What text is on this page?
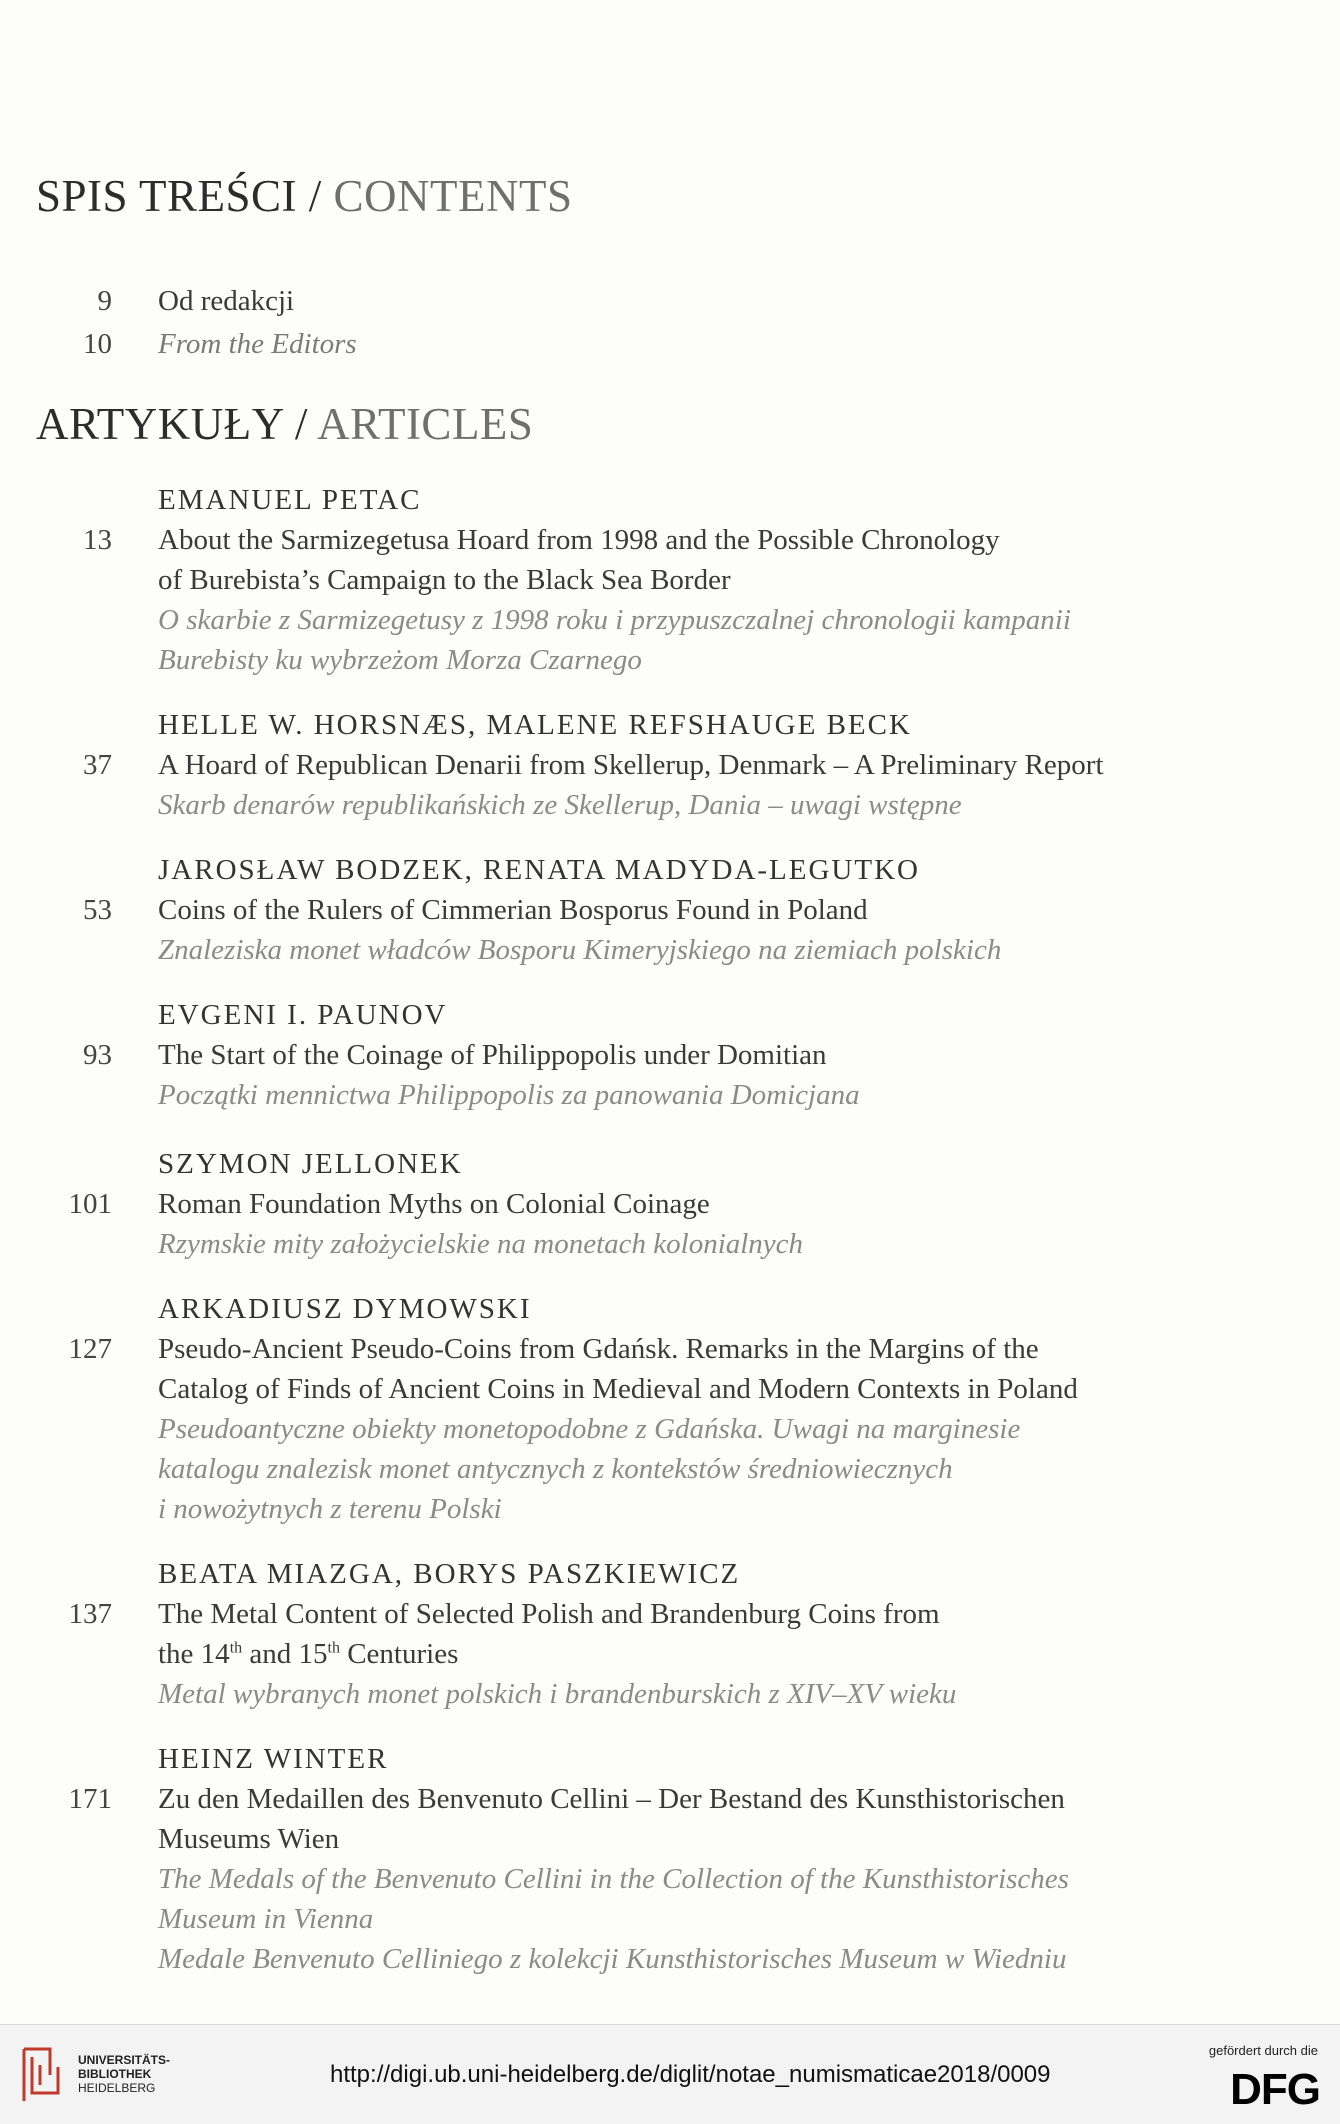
SPIS TREŚCI / CONTENTS
9 Od redakcji
10 From the Editors
ARTYKUŁY / ARTICLES
EMANUEL PETAC
13 About the Sarmizegetusa Hoard from 1998 and the Possible Chronology
of Burebista’s Campaign to the Black Sea Border
O skarbie z Sarmizegetusy z 1998 roku i przypuszczalnej chronologii kampanii
Burebisty ku wybrzeżom Morza Czarnego
HELLE W. HORSNÆS, MALENE REFSHAUGE BECK
37 A Hoard of Republican Denarii from Skellerup, Denmark – A Preliminary Report
Skarb denarów republikańskich ze Skellerup, Dania – uwagi wstępne
JAROSŁAW BODZEK, RENATA MADYDA-LEGUTKO
53 Coins of the Rulers of Cimmerian Bosporus Found in Poland
Znaleziska monet władców Bosporu Kimeryjskiego na ziemiach polskich
EVGENI I. PAUNOV
93 The Start of the Coinage of Philippopolis under Domitian
Początki mennictwa Philippopolis za panowania Domicjana
SZYMON JELLONEK
101 Roman Foundation Myths on Colonial Coinage
Rzymskie mity założycielskie na monetach kolonialnych
ARKADIUSZ DYMOWSKI
127 Pseudo-Ancient Pseudo-Coins from Gdańsk. Remarks in the Margins of the
Catalog of Finds of Ancient Coins in Medieval and Modern Contexts in Poland
Pseudoantyczne obiekty monetopodobne z Gdańska. Uwagi na marginesie
katalogu znalezisk monet antycznych z kontekstów średniowiecznych
i nowożytnych z terenu Polski
BEATA MIAZGA, BORYS PASZKIEWICZ
137 The Metal Content of Selected Polish and Brandenburg Coins from
the 14th and 15th Centuries
Metal wybranych monet polskich i brandenburskich z XIV–XV wieku
HEINZ WINTER
171 Zu den Medaillen des Benvenuto Cellini – Der Bestand des Kunsthistorischen
Museums Wien
The Medals of the Benvenuto Cellini in the Collection of the Kunsthistorisches
Museum in Vienna
Medale Benvenuto Celliniego z kolekcji Kunsthistorisches Museum w Wiedniu
UNIVERSITÄTS-
BIBLIOTHEK
HEIDELBERG	http://digi.ub.uni-heidelberg.de/diglit/notae_numismaticae2018/0009
gefördert durch die
DFG
